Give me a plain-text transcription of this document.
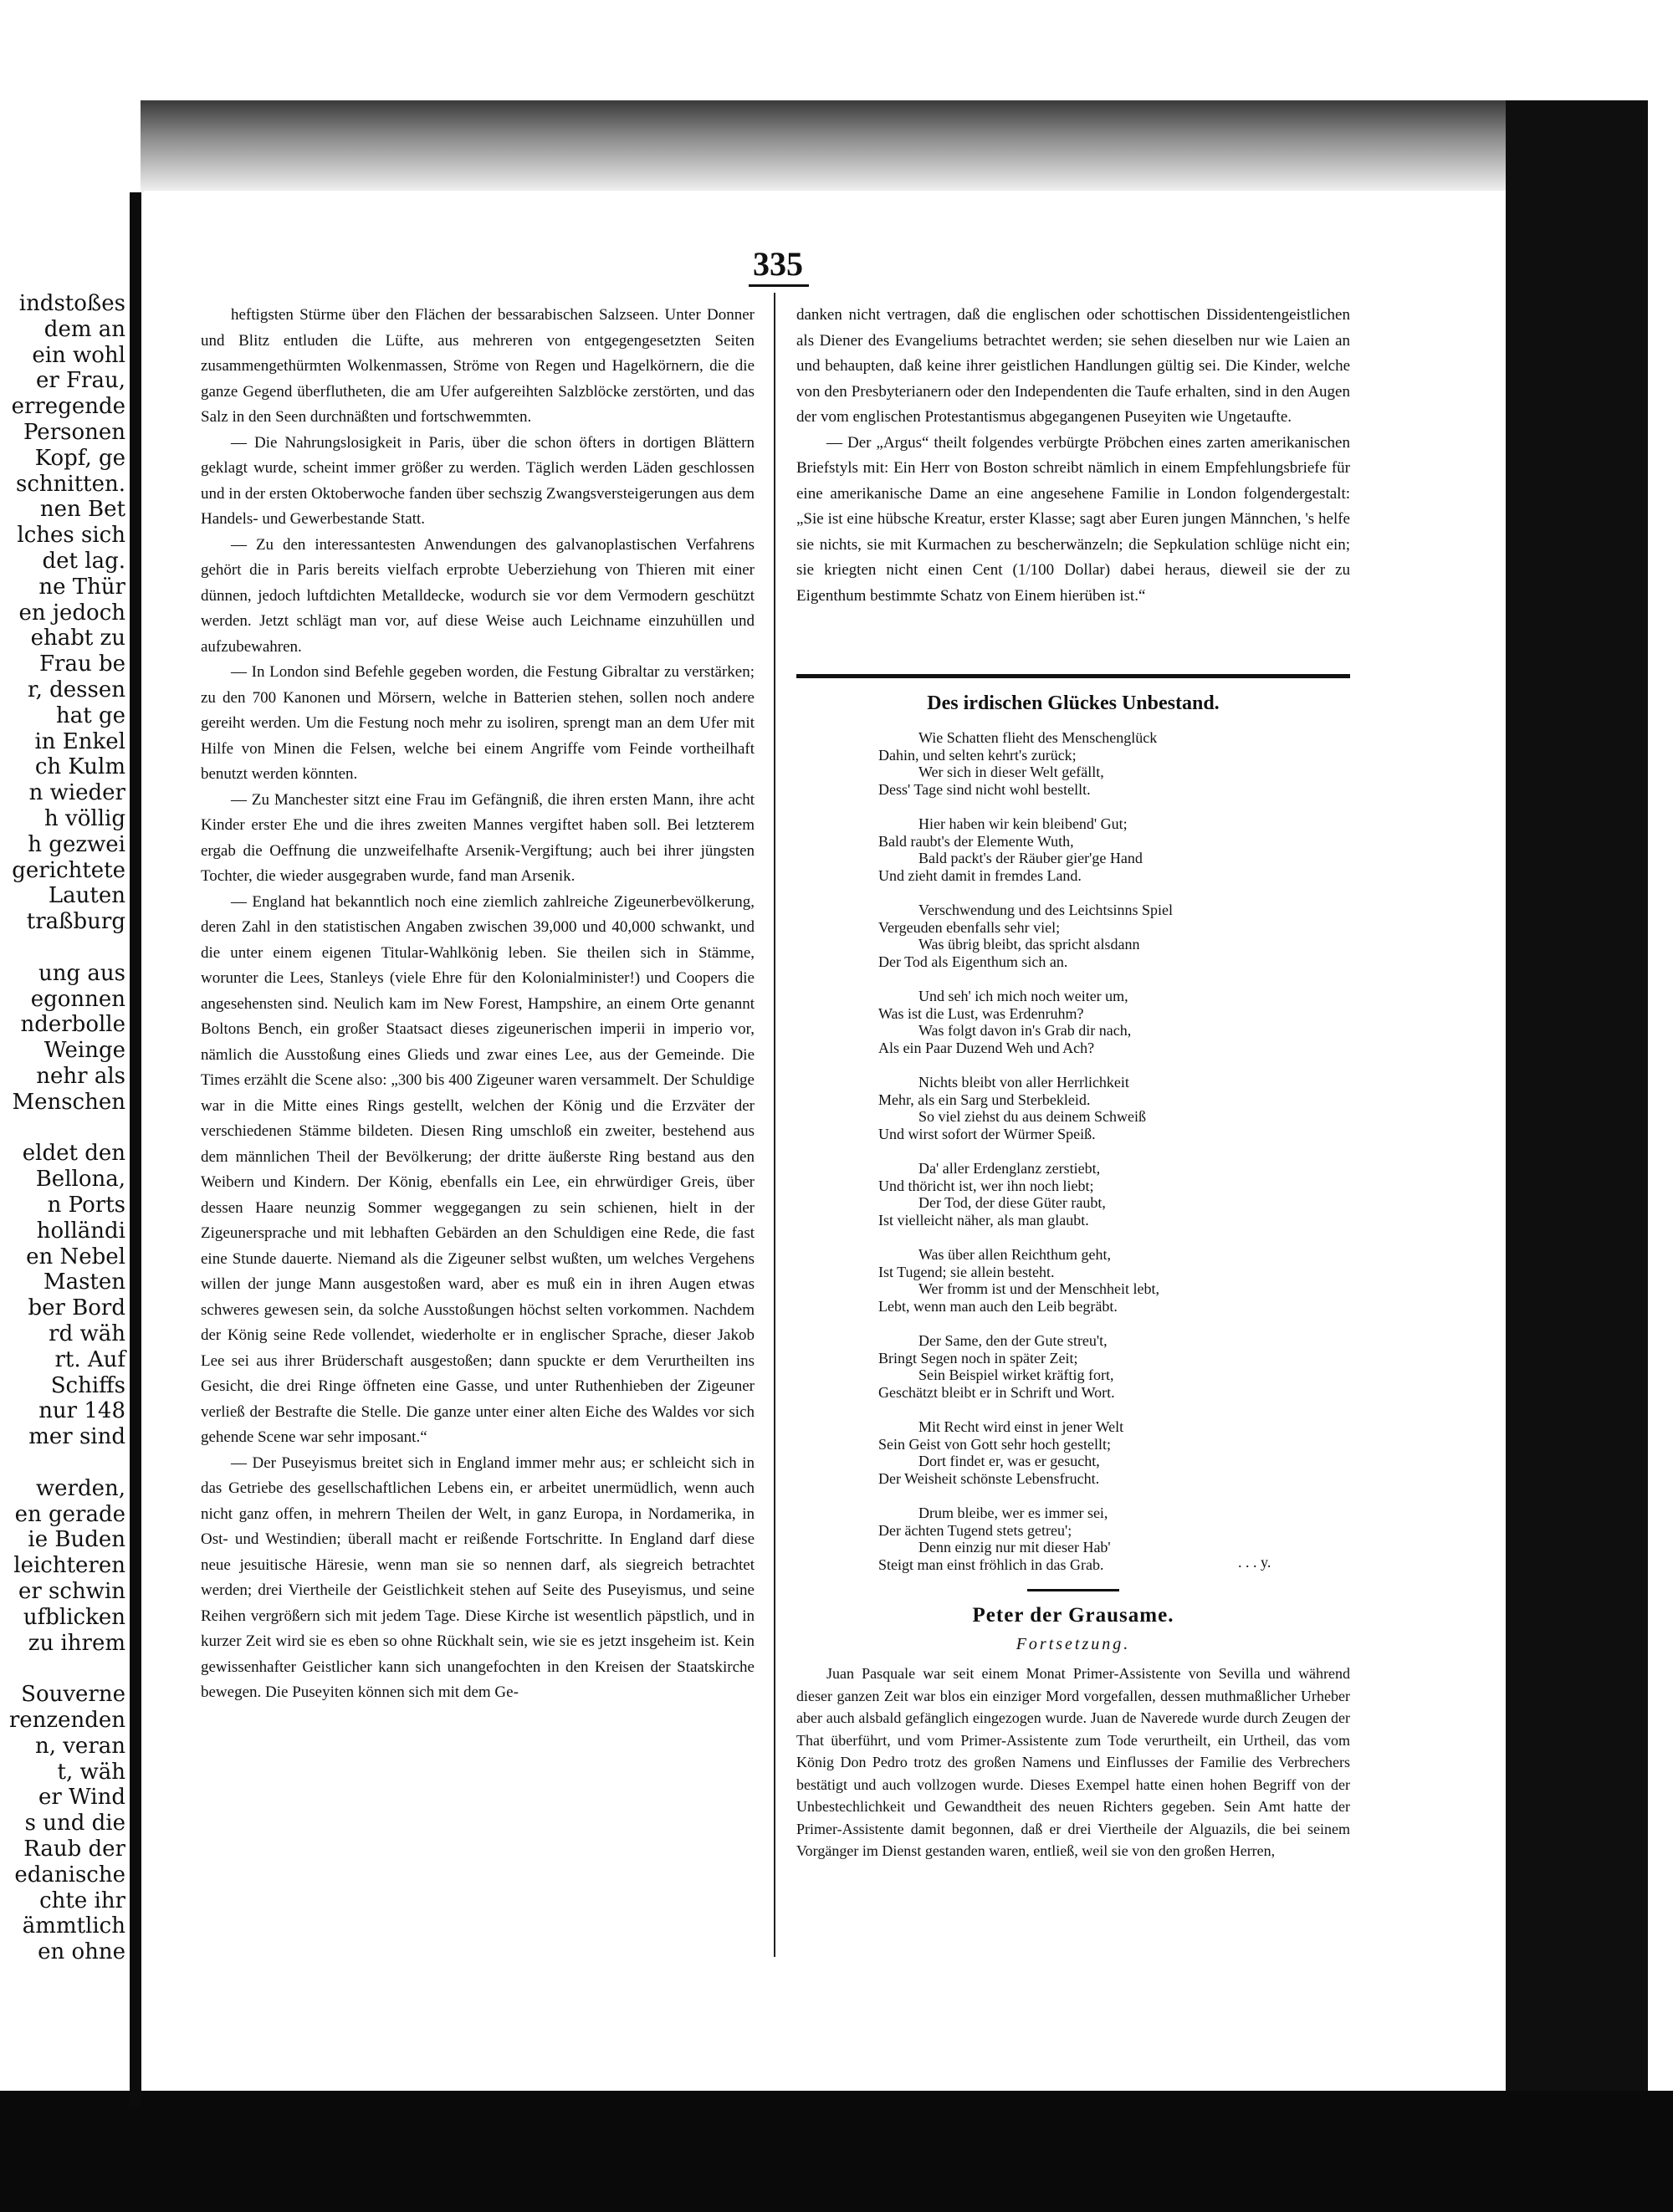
indstoßes
dem an
ein wohl
er Frau,
erregende
Personen
Kopf, ge
schnitten.
nen Bet
lches sich
det lag.
ne Thür
en jedoch
ehabt zu
Frau be
r, dessen
hat ge
in Enkel
ch Kulm
n wieder
h völlig
h gezwei
gerichtete
Lauten
traßburg
ung aus
egonnen
nderbolle
Weinge
nehr als
Menschen
eldet den
Bellona,
n Ports
holländi
en Nebel
Masten
ber Bord
rd wäh
rt. Auf
Schiffs
nur 148
mer sind
werden,
en gerade
ie Buden
leichteren
er schwin
ufblicken
zu ihrem
Souverne
renzenden
n, veran
t, wäh
er Wind
s und die
Raub der
edanische
chte ihr
ämmtlich
en ohne
335

heftigsten Stürme über den Flächen der bessarabischen Salzseen. Unter Donner und Blitz entluden die Lüfte, aus mehreren von entgegengesetzten Seiten zusammengethürmten Wolkenmassen, Ströme von Regen und Hagelkörnern, die die ganze Gegend überflutheten, die am Ufer aufgereihten Salzblöcke zerstörten, und das Salz in den Seen durchnäßten und fortschwemmten.

— Die Nahrungslosigkeit in Paris, über die schon öfters in dortigen Blättern geklagt wurde, scheint immer größer zu werden. Täglich werden Läden geschlossen und in der ersten Oktoberwoche fanden über sechszig Zwangsversteigerungen aus dem Handels- und Gewerbestande Statt.

— Zu den interessantesten Anwendungen des galvanoplastischen Verfahrens gehört die in Paris bereits vielfach erprobte Ueberziehung von Thieren mit einer dünnen, jedoch luftdichten Metalldecke, wodurch sie vor dem Vermodern geschützt werden. Jetzt schlägt man vor, auf diese Weise auch Leichname einzuhüllen und aufzubewahren.

— In London sind Befehle gegeben worden, die Festung Gibraltar zu verstärken; zu den 700 Kanonen und Mörsern, welche in Batterien stehen, sollen noch andere gereiht werden. Um die Festung noch mehr zu isoliren, sprengt man an dem Ufer mit Hilfe von Minen die Felsen, welche bei einem Angriffe vom Feinde vortheilhaft benutzt werden könnten.

— Zu Manchester sitzt eine Frau im Gefängniß, die ihren ersten Mann, ihre acht Kinder erster Ehe und die ihres zweiten Mannes vergiftet haben soll. Bei letzterem ergab die Oeffnung die unzweifelhafte Arsenik-Vergiftung; auch bei ihrer jüngsten Tochter, die wieder ausgegraben wurde, fand man Arsenik.

— England hat bekanntlich noch eine ziemlich zahlreiche Zigeunerbevölkerung, deren Zahl in den statistischen Angaben zwischen 39,000 und 40,000 schwankt, und die unter einem eigenen Titular-Wahlkönig leben. Sie theilen sich in Stämme, worunter die Lees, Stanleys (viele Ehre für den Kolonialminister!) und Coopers die angesehensten sind. Neulich kam im New Forest, Hampshire, an einem Orte genannt Boltons Bench, ein großer Staatsact dieses zigeunerischen imperii in imperio vor, nämlich die Ausstoßung eines Glieds und zwar eines Lee, aus der Gemeinde. Die Times erzählt die Scene also: „300 bis 400 Zigeuner waren versammelt. Der Schuldige war in die Mitte eines Rings gestellt, welchen der König und die Erzväter der verschiedenen Stämme bildeten. Diesen Ring umschloß ein zweiter, bestehend aus dem männlichen Theil der Bevölkerung; der dritte äußerste Ring bestand aus den Weibern und Kindern. Der König, ebenfalls ein Lee, ein ehrwürdiger Greis, über dessen Haare neunzig Sommer weggegangen zu sein schienen, hielt in der Zigeunersprache und mit lebhaften Gebärden an den Schuldigen eine Rede, die fast eine Stunde dauerte. Niemand als die Zigeuner selbst wußten, um welches Vergehens willen der junge Mann ausgestoßen ward, aber es muß ein in ihren Augen etwas schweres gewesen sein, da solche Ausstoßungen höchst selten vorkommen. Nachdem der König seine Rede vollendet, wiederholte er in englischer Sprache, dieser Jakob Lee sei aus ihrer Brüderschaft ausgestoßen; dann spuckte er dem Verurtheilten ins Gesicht, die drei Ringe öffneten eine Gasse, und unter Ruthenhieben der Zigeuner verließ der Bestrafte die Stelle. Die ganze unter einer alten Eiche des Waldes vor sich gehende Scene war sehr imposant.“

— Der Puseyismus breitet sich in England immer mehr aus; er schleicht sich in das Getriebe des gesellschaftlichen Lebens ein, er arbeitet unermüdlich, wenn auch nicht ganz offen, in mehrern Theilen der Welt, in ganz Europa, in Nordamerika, in Ost- und Westindien; überall macht er reißende Fortschritte. In England darf diese neue jesuitische Häresie, wenn man sie so nennen darf, als siegreich betrachtet werden; drei Viertheile der Geistlichkeit stehen auf Seite des Puseyismus, und seine Reihen vergrößern sich mit jedem Tage. Diese Kirche ist wesentlich päpstlich, und in kurzer Zeit wird sie es eben so ohne Rückhalt sein, wie sie es jetzt insgeheim ist. Kein gewissenhafter Geistlicher kann sich unangefochten in den Kreisen der Staatskirche bewegen. Die Puseyiten können sich mit dem Ge-

danken nicht vertragen, daß die englischen oder schottischen Dissidentengeistlichen als Diener des Evangeliums betrachtet werden; sie sehen dieselben nur wie Laien an und behaupten, daß keine ihrer geistlichen Handlungen gültig sei. Die Kinder, welche von den Presbyterianern oder den Independenten die Taufe erhalten, sind in den Augen der vom englischen Protestantismus abgegangenen Puseyiten wie Ungetaufte.

— Der „Argus“ theilt folgendes verbürgte Pröbchen eines zarten amerikanischen Briefstyls mit: Ein Herr von Boston schreibt nämlich in einem Empfehlungsbriefe für eine amerikanische Dame an eine angesehene Familie in London folgendergestalt: „Sie ist eine hübsche Kreatur, erster Klasse; sagt aber Euren jungen Männchen, 's helfe sie nichts, sie mit Kurmachen zu bescherwänzeln; die Sepkulation schlüge nicht ein; sie kriegten nicht einen Cent (1/100 Dollar) dabei heraus, dieweil sie der zu Eigenthum bestimmte Schatz von Einem hierüben ist.“

Des irdischen Glückes Unbestand.
Wie Schatten flieht des Menschenglück
Dahin, und selten kehrt's zurück;
Wer sich in dieser Welt gefällt,
Dess' Tage sind nicht wohl bestellt.
Hier haben wir kein bleibend' Gut;
Bald raubt's der Elemente Wuth,
Bald packt's der Räuber gier'ge Hand
Und zieht damit in fremdes Land.
Verschwendung und des Leichtsinns Spiel
Vergeuden ebenfalls sehr viel;
Was übrig bleibt, das spricht alsdann
Der Tod als Eigenthum sich an.
Und seh' ich mich noch weiter um,
Was ist die Lust, was Erdenruhm?
Was folgt davon in's Grab dir nach,
Als ein Paar Duzend Weh und Ach?
Nichts bleibt von aller Herrlichkeit
Mehr, als ein Sarg und Sterbekleid.
So viel ziehst du aus deinem Schweiß
Und wirst sofort der Würmer Speiß.
Da' aller Erdenglanz zerstiebt,
Und thöricht ist, wer ihn noch liebt;
Der Tod, der diese Güter raubt,
Ist vielleicht näher, als man glaubt.
Was über allen Reichthum geht,
Ist Tugend; sie allein besteht.
Wer fromm ist und der Menschheit lebt,
Lebt, wenn man auch den Leib begräbt.
Der Same, den der Gute streu't,
Bringt Segen noch in später Zeit;
Sein Beispiel wirket kräftig fort,
Geschätzt bleibt er in Schrift und Wort.
Mit Recht wird einst in jener Welt
Sein Geist von Gott sehr hoch gestellt;
Dort findet er, was er gesucht,
Der Weisheit schönste Lebensfrucht.
Drum bleibe, wer es immer sei,
Der ächten Tugend stets getreu';
Denn einzig nur mit dieser Hab'
Steigt man einst fröhlich in das Grab.	. . . y.
Peter der Grausame.
Fortsetzung.

Juan Pasquale war seit einem Monat Primer-Assistente von Sevilla und während dieser ganzen Zeit war blos ein einziger Mord vorgefallen, dessen muthmaßlicher Urheber aber auch alsbald gefänglich eingezogen wurde. Juan de Naverede wurde durch Zeugen der That überführt, und vom Primer-Assistente zum Tode verurtheilt, ein Urtheil, das vom König Don Pedro trotz des großen Namens und Einflusses der Familie des Verbrechers bestätigt und auch vollzogen wurde. Dieses Exempel hatte einen hohen Begriff von der Unbestechlichkeit und Gewandtheit des neuen Richters gegeben. Sein Amt hatte der Primer-Assistente damit begonnen, daß er drei Viertheile der Alguazils, die bei seinem Vorgänger im Dienst gestanden waren, entließ, weil sie von den großen Herren,
